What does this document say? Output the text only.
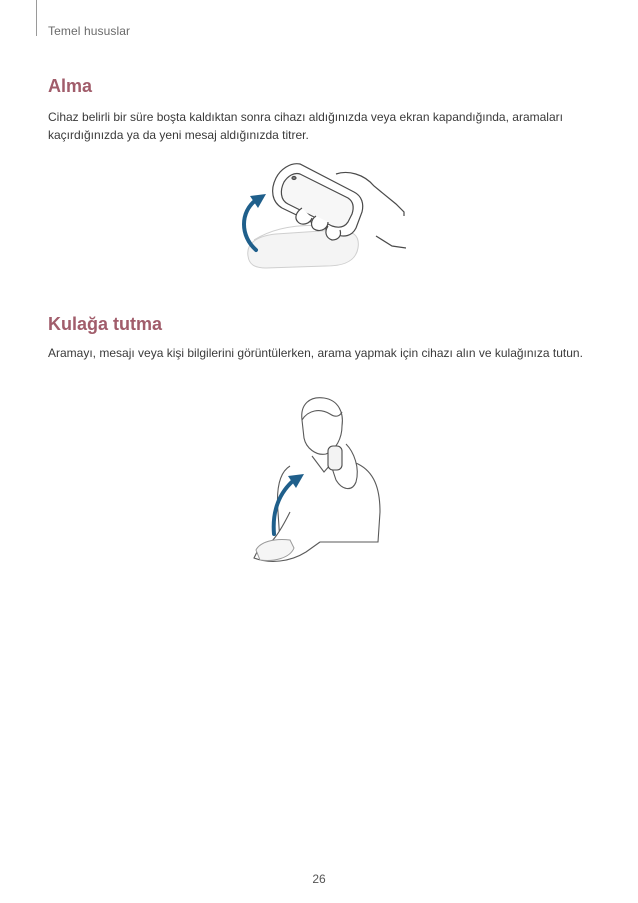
Temel hususlar
Alma
Cihaz belirli bir süre boşta kaldıktan sonra cihazı aldığınızda veya ekran kapandığında, aramaları kaçırdığınızda ya da yeni mesaj aldığınızda titrer.
Kulağa tutma
Aramayı, mesajı veya kişi bilgilerini görüntülerken, arama yapmak için cihazı alın ve kulağınıza tutun.
26
